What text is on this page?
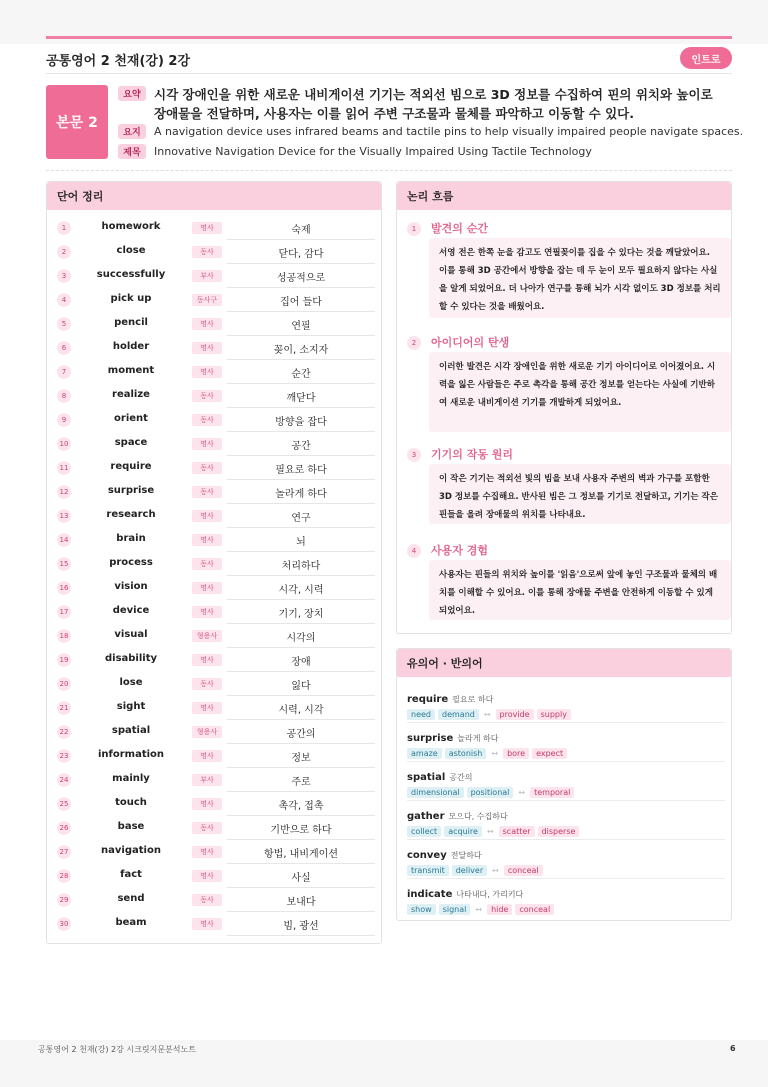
공통영어 2 천재(강) 2강	인트로
본문 2
요약	시각 장애인을 위한 새로운 내비게이션 기기는 적외선 빔으로 3D 정보를 수집하여 핀의 위치와 높이로 장애물을 전달하며, 사용자는 이를 읽어 주변 구조물과 물체를 파악하고 이동할 수 있다.
요지	A navigation device uses infrared beams and tactile pins to help visually impaired people navigate spaces.
제목	Innovative Navigation Device for the Visually Impaired Using Tactile Technology
단어 정리
1	homework	명사	숙제
2	close	동사	닫다, 감다
3	successfully	부사	성공적으로
4	pick up	동사구	집어 들다
5	pencil	명사	연필
6	holder	명사	꽂이, 소지자
7	moment	명사	순간
8	realize	동사	깨닫다
9	orient	동사	방향을 잡다
10	space	명사	공간
11	require	동사	필요로 하다
12	surprise	동사	놀라게 하다
13	research	명사	연구
14	brain	명사	뇌
15	process	동사	처리하다
16	vision	명사	시각, 시력
17	device	명사	기기, 장치
18	visual	형용사	시각의
19	disability	명사	장애
20	lose	동사	잃다
21	sight	명사	시력, 시각
22	spatial	형용사	공간의
23	information	명사	정보
24	mainly	부사	주로
25	touch	명사	촉각, 접촉
26	base	동사	기반으로 하다
27	navigation	명사	항법, 내비게이션
28	fact	명사	사실
29	send	동사	보내다
30	beam	명사	빔, 광선
논리 흐름
1	발견의 순간
서영 전은 한쪽 눈을 감고도 연필꽂이를 집을 수 있다는 것을 깨달았어요. 이를 통해 3D 공간에서 방향을 잡는 데 두 눈이 모두 필요하지 않다는 사실을 알게 되었어요. 더 나아가 연구를 통해 뇌가 시각 없이도 3D 정보를 처리할 수 있다는 것을 배웠어요.
2	아이디어의 탄생
이러한 발견은 시각 장애인을 위한 새로운 기기 아이디어로 이어졌어요. 시력을 잃은 사람들은 주로 촉각을 통해 공간 정보를 얻는다는 사실에 기반하여 새로운 내비게이션 기기를 개발하게 되었어요.
3	기기의 작동 원리
이 작은 기기는 적외선 빛의 빔을 보내 사용자 주변의 벽과 가구를 포함한 3D 정보를 수집해요. 반사된 빔은 그 정보를 기기로 전달하고, 기기는 작은 핀들을 올려 장애물의 위치를 나타내요.
4	사용자 경험
사용자는 핀들의 위치와 높이를 '읽음'으로써 앞에 놓인 구조물과 물체의 배치를 이해할 수 있어요. 이를 통해 장애물 주변을 안전하게 이동할 수 있게 되었어요.
유의어 · 반의어
require 필요로 하다
need	demand	↔	provide	supply
surprise 놀라게 하다
amaze	astonish	↔	bore	expect
spatial 공간의
dimensional	positional	↔	temporal
gather 모으다, 수집하다
collect	acquire	↔	scatter	disperse
convey 전달하다
transmit	deliver	↔	conceal
indicate 나타내다, 가리키다
show	signal	↔	hide	conceal
공통영어 2 천재(강) 2강 시크릿지문분석노트	6
